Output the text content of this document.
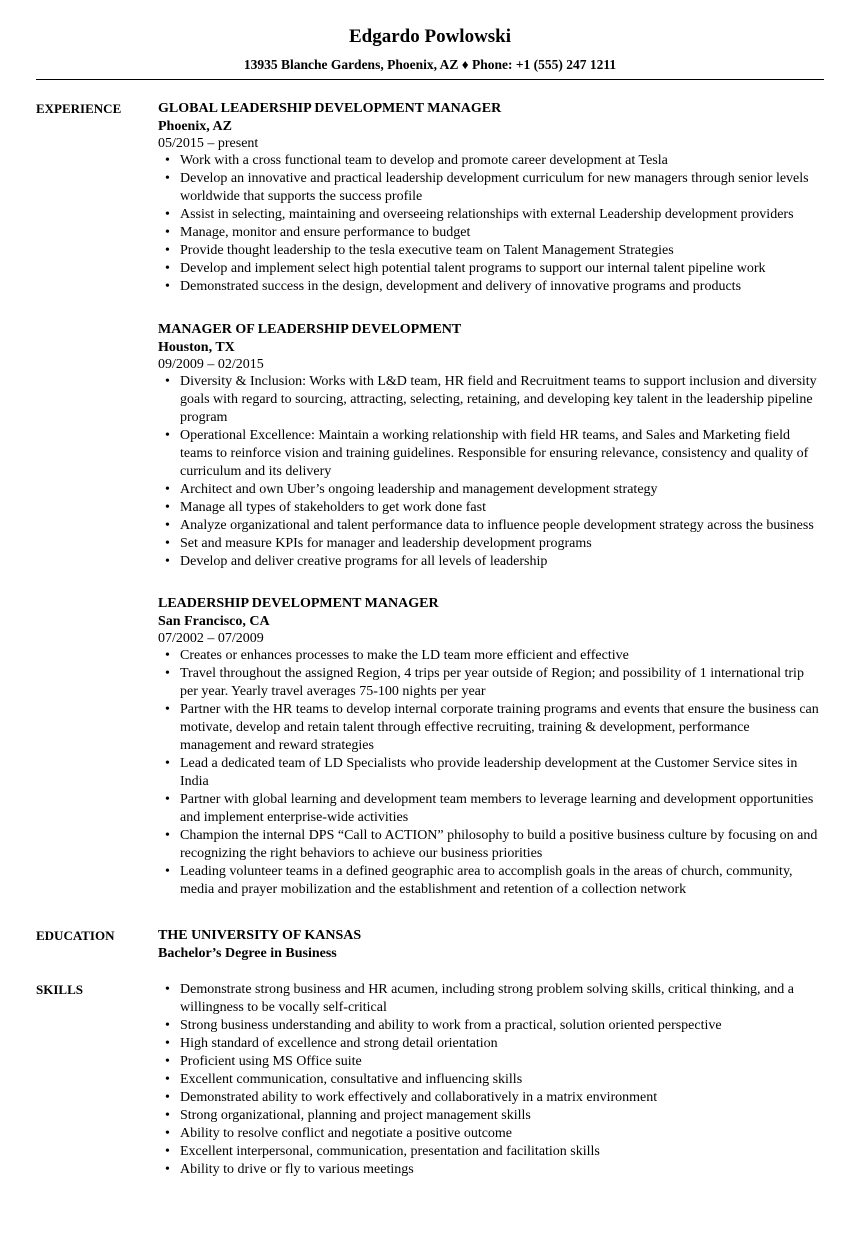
Edgardo Powlowski
13935 Blanche Gardens, Phoenix, AZ ♦ Phone: +1 (555) 247 1211
EXPERIENCE	GLOBAL LEADERSHIP DEVELOPMENT MANAGER
Phoenix, AZ
05/2015 – present
• Work with a cross functional team to develop and promote career development at Tesla
• Develop an innovative and practical leadership development curriculum for new managers through senior levels worldwide that supports the success profile
• Assist in selecting, maintaining and overseeing relationships with external Leadership development providers
• Manage, monitor and ensure performance to budget
• Provide thought leadership to the tesla executive team on Talent Management Strategies
• Develop and implement select high potential talent programs to support our internal talent pipeline work
• Demonstrated success in the design, development and delivery of innovative programs and products
MANAGER OF LEADERSHIP DEVELOPMENT
Houston, TX
09/2009 – 02/2015
• Diversity & Inclusion: Works with L&D team, HR field and Recruitment teams to support inclusion and diversity goals with regard to sourcing, attracting, selecting, retaining, and developing key talent in the leadership pipeline program
• Operational Excellence: Maintain a working relationship with field HR teams, and Sales and Marketing field teams to reinforce vision and training guidelines. Responsible for ensuring relevance, consistency and quality of curriculum and its delivery
• Architect and own Uber’s ongoing leadership and management development strategy
• Manage all types of stakeholders to get work done fast
• Analyze organizational and talent performance data to influence people development strategy across the business
• Set and measure KPIs for manager and leadership development programs
• Develop and deliver creative programs for all levels of leadership
LEADERSHIP DEVELOPMENT MANAGER
San Francisco, CA
07/2002 – 07/2009
• Creates or enhances processes to make the LD team more efficient and effective
• Travel throughout the assigned Region, 4 trips per year outside of Region; and possibility of 1 international trip per year. Yearly travel averages 75-100 nights per year
• Partner with the HR teams to develop internal corporate training programs and events that ensure the business can motivate, develop and retain talent through effective recruiting, training & development, performance management and reward strategies
• Lead a dedicated team of LD Specialists who provide leadership development at the Customer Service sites in India
• Partner with global learning and development team members to leverage learning and development opportunities and implement enterprise-wide activities
• Champion the internal DPS “Call to ACTION” philosophy to build a positive business culture by focusing on and recognizing the right behaviors to achieve our business priorities
• Leading volunteer teams in a defined geographic area to accomplish goals in the areas of church, community, media and prayer mobilization and the establishment and retention of a collection network
EDUCATION	THE UNIVERSITY OF KANSAS
Bachelor’s Degree in Business
SKILLS
•	Demonstrate strong business and HR acumen, including strong problem solving skills, critical thinking, and a willingness to be vocally self-critical
• Strong business understanding and ability to work from a practical, solution oriented perspective
• High standard of excellence and strong detail orientation
• Proficient using MS Office suite
• Excellent communication, consultative and influencing skills
• Demonstrated ability to work effectively and collaboratively in a matrix environment
• Strong organizational, planning and project management skills
• Ability to resolve conflict and negotiate a positive outcome
• Excellent interpersonal, communication, presentation and facilitation skills
• Ability to drive or fly to various meetings
